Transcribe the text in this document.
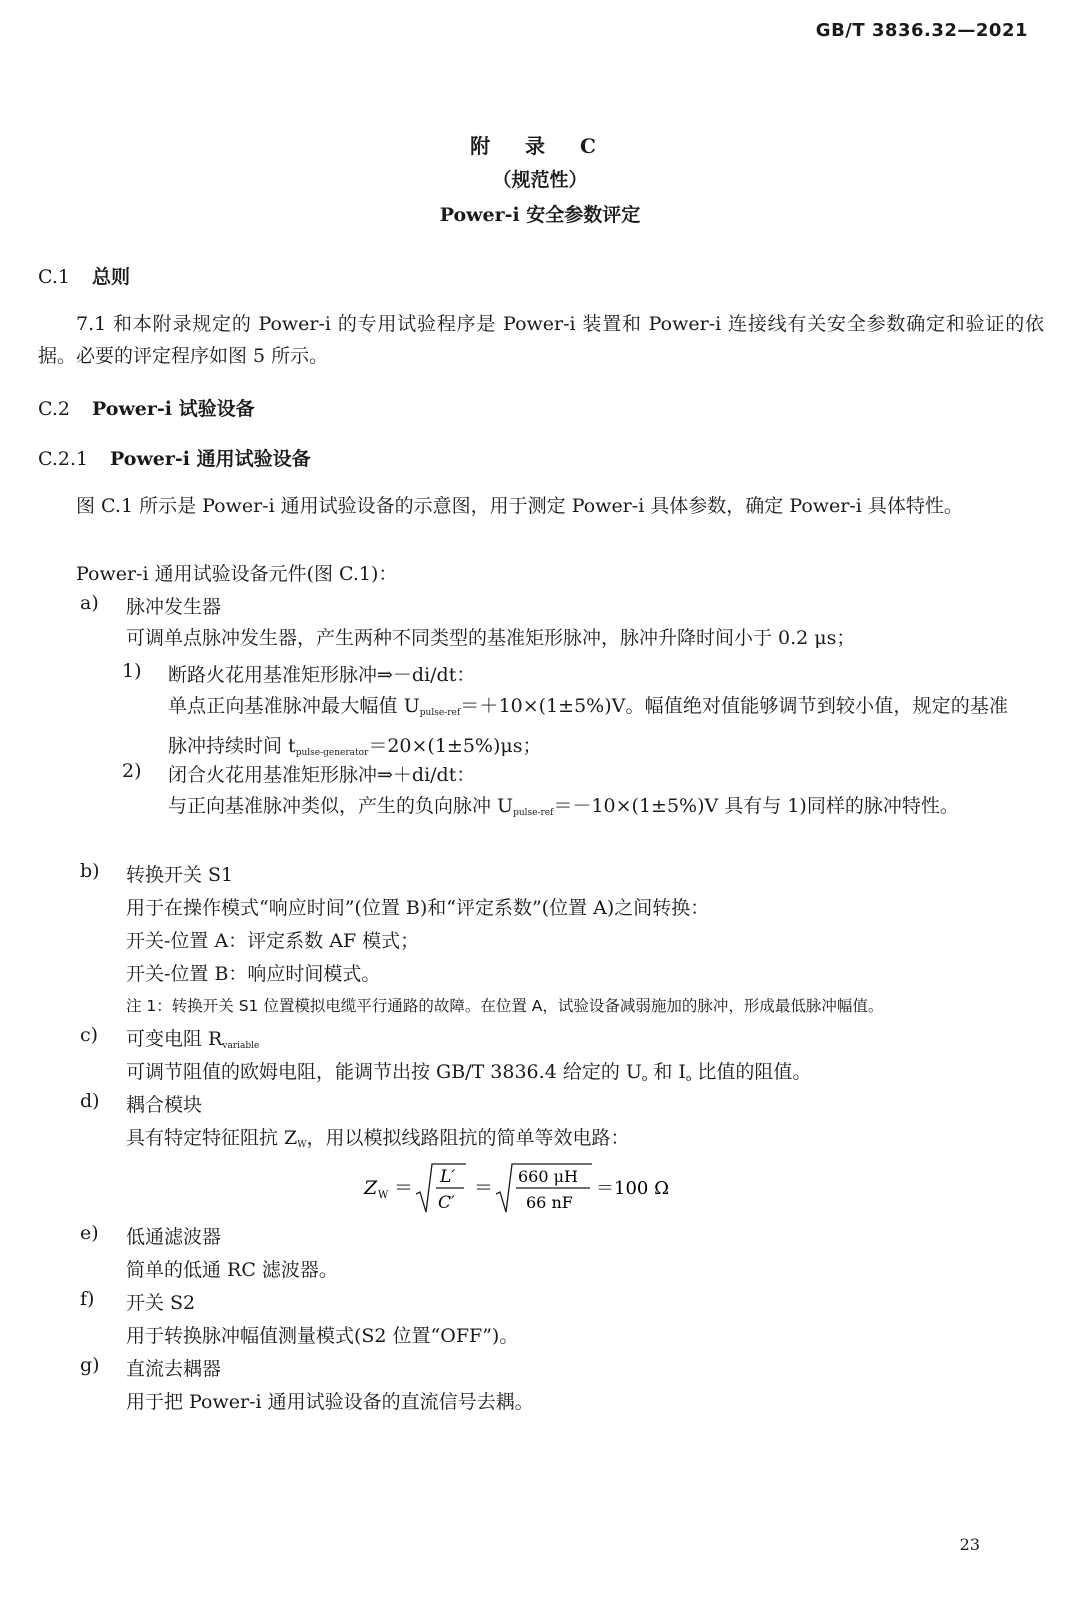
GB/T 3836.32—2021
附 录 C
（规范性）
Power-i 安全参数评定
C.1 总则
7.1 和本附录规定的 Power-i 的专用试验程序是 Power-i 装置和 Power-i 连接线有关安全参数确定和验证的依据。必要的评定程序如图 5 所示。
C.2 Power-i 试验设备
C.2.1 Power-i 通用试验设备
图 C.1 所示是 Power-i 通用试验设备的示意图，用于测定 Power-i 具体参数，确定 Power-i 具体特性。
Power-i 通用试验设备元件(图 C.1)：
a) 脉冲发生器
可调单点脉冲发生器，产生两种不同类型的基准矩形脉冲，脉冲升降时间小于 0.2 μs；
1) 断路火花用基准矩形脉冲⇒－di/dt：
单点正向基准脉冲最大幅值 $U_{pulse-ref}=+10\times(1\pm 5\%)V$。幅值绝对值能够调节到较小值，规定的基准脉冲持续时间 $t_{pulse-generator}=20\times(1\pm 5\%)\mu s$；
2) 闭合火花用基准矩形脉冲⇒＋di/dt：
与正向基准脉冲类似，产生的负向脉冲 $U_{pulse-ref}=-10\times(1\pm 5\%)V$ 具有与 1)同样的脉冲特性。
b) 转换开关 S1
用于在操作模式“响应时间”(位置 B)和“评定系数”(位置 A)之间转换：
开关-位置 A：评定系数 AF 模式；
开关-位置 B：响应时间模式。
注 1：转换开关 S1 位置模拟电缆平行通路的故障。在位置 A，试验设备减弱施加的脉冲，形成最低脉冲幅值。
c) 可变电阻 $R_{variable}$
可调节阻值的欧姆电阻，能调节出按 GB/T 3836.4 给定的 $U_o$ 和 $I_o$ 比值的阻值。
d) 耦合模块
具有特定特征阻抗 $Z_W$，用以模拟线路阻抗的简单等效电路：
Z W ＝ L′
C′
＝
660 μH
66 nF
＝100 Ω
e) 低通滤波器
简单的低通 RC 滤波器。
f) 开关 S2
用于转换脉冲幅值测量模式(S2 位置“OFF”)。
g) 直流去耦器
用于把 Power-i 通用试验设备的直流信号去耦。
23
